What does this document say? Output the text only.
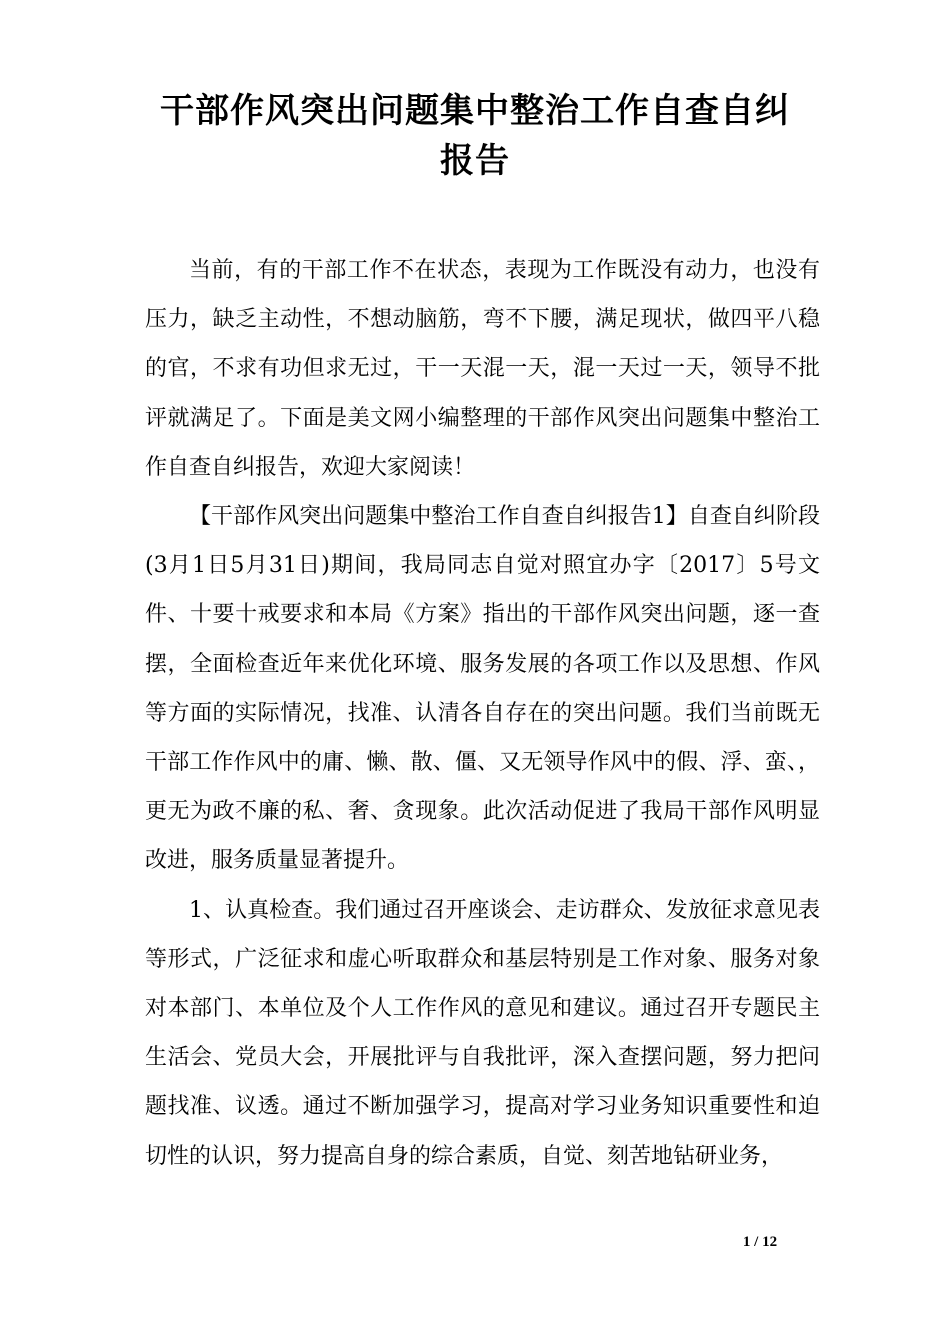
干部作风突出问题集中整治工作自查自纠
报告

当前，有的干部工作不在状态，表现为工作既没有动力，也没有压力，缺乏主动性，不想动脑筋，弯不下腰，满足现状，做四平八稳的官，不求有功但求无过，干一天混一天，混一天过一天，领导不批评就满足了。下面是美文网小编整理的干部作风突出问题集中整治工作自查自纠报告，欢迎大家阅读！

【干部作风突出问题集中整治工作自查自纠报告1】自查自纠阶段(3月1日5月31日)期间，我局同志自觉对照宜办字〔2017〕5号文件、十要十戒要求和本局《方案》指出的干部作风突出问题，逐一查摆，全面检查近年来优化环境、服务发展的各项工作以及思想、作风等方面的实际情况，找准、认清各自存在的突出问题。我们当前既无干部工作作风中的庸、懒、散、僵、又无领导作风中的假、浮、蛮、，更无为政不廉的私、奢、贪现象。此次活动促进了我局干部作风明显改进，服务质量显著提升。

1、认真检查。我们通过召开座谈会、走访群众、发放征求意见表等形式，广泛征求和虚心听取群众和基层特别是工作对象、服务对象对本部门、本单位及个人工作作风的意见和建议。通过召开专题民主生活会、党员大会，开展批评与自我批评，深入查摆问题，努力把问题找准、议透。通过不断加强学习，提高对学习业务知识重要性和迫切性的认识，努力提高自身的综合素质，自觉、刻苦地钻研业务，

1 / 12
